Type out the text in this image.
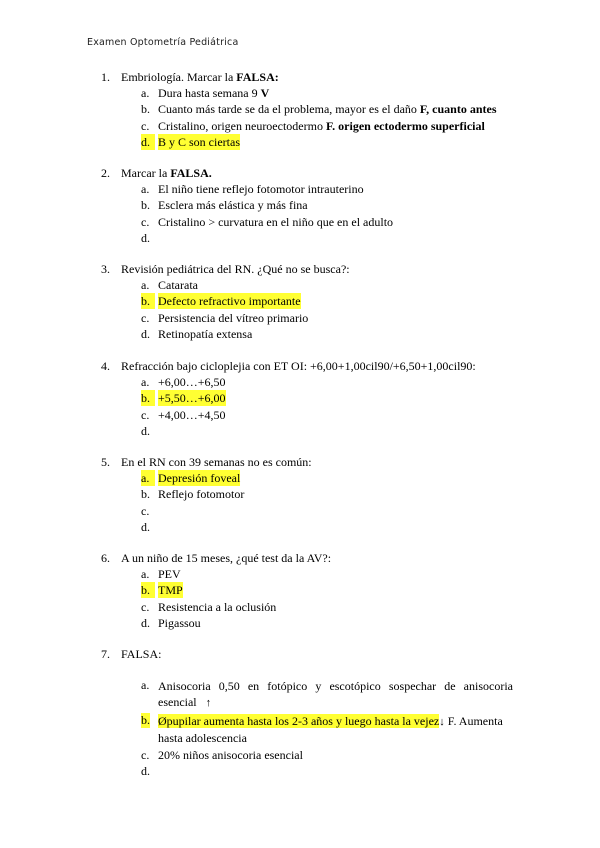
Examen Optometría Pediátrica
1. Embriología. Marcar la FALSA:
a. Dura hasta semana 9 V
b. Cuanto más tarde se da el problema, mayor es el daño F, cuanto antes
c. Cristalino, origen neuroectodermo F. origen ectodermo superficial
d. B y C son ciertas
2. Marcar la FALSA.
a. El niño tiene reflejo fotomotor intrauterino
b. Esclera más elástica y más fina
c. Cristalino > curvatura en el niño que en el adulto
d.
3. Revisión pediátrica del RN. ¿Qué no se busca?:
a. Catarata
b. Defecto refractivo importante
c. Persistencia del vítreo primario
d. Retinopatía extensa
4. Refracción bajo cicloplejia con ET OI: +6,00+1,00cil90/+6,50+1,00cil90:
a. +6,00…+6,50
b. +5,50…+6,00
c. +4,00…+4,50
d.
5. En el RN con 39 semanas no es común:
a. Depresión foveal
b. Reflejo fotomotor
c.
d.
6. A un niño de 15 meses, ¿qué test da la AV?:
a. PEV
b. TMP
c. Resistencia a la oclusión
d. Pigassou
7. FALSA:
a. Anisocoria 0,50 en fotópico y escotópico sospechar de anisocoria esencial ↑
b. Øpupilar aumenta hasta los 2-3 años y luego hasta la vejez↓ F. Aumenta hasta adolescencia
c. 20% niños anisocoria esencial
d.
